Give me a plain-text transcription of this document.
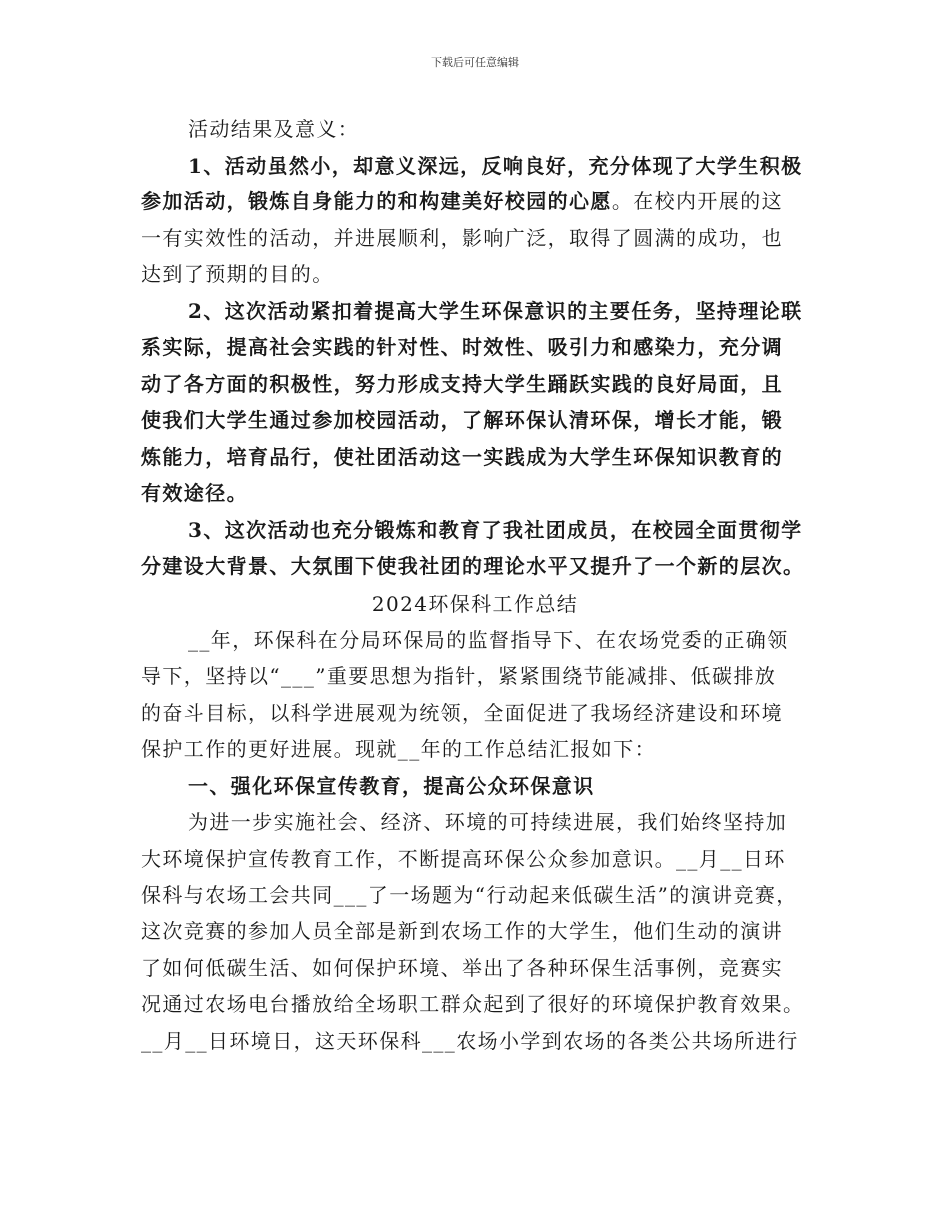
下载后可任意编辑
活动结果及意义：
1、活动虽然小，却意义深远，反响良好，充分体现了大学生积极
参加活动，锻炼自身能力的和构建美好校园的心愿。在校内开展的这
一有实效性的活动，并进展顺利，影响广泛，取得了圆满的成功，也
达到了预期的目的。
2、这次活动紧扣着提高大学生环保意识的主要任务，坚持理论联
系实际，提高社会实践的针对性、时效性、吸引力和感染力，充分调
动了各方面的积极性，努力形成支持大学生踊跃实践的良好局面，且
使我们大学生通过参加校园活动，了解环保认清环保，增长才能，锻
炼能力，培育品行，使社团活动这一实践成为大学生环保知识教育的
有效途径。
3、这次活动也充分锻炼和教育了我社团成员，在校园全面贯彻学
分建设大背景、大氛围下使我社团的理论水平又提升了一个新的层次。
2024环保科工作总结
__年，环保科在分局环保局的监督指导下、在农场党委的正确领
导下，坚持以“___”重要思想为指针，紧紧围绕节能减排、低碳排放
的奋斗目标，以科学进展观为统领，全面促进了我场经济建设和环境
保护工作的更好进展。现就__年的工作总结汇报如下：
一、强化环保宣传教育，提高公众环保意识
为进一步实施社会、经济、环境的可持续进展，我们始终坚持加
大环境保护宣传教育工作，不断提高环保公众参加意识。__月__日环
保科与农场工会共同___了一场题为“行动起来低碳生活”的演讲竞赛，
这次竞赛的参加人员全部是新到农场工作的大学生，他们生动的演讲
了如何低碳生活、如何保护环境、举出了各种环保生活事例，竞赛实
况通过农场电台播放给全场职工群众起到了很好的环境保护教育效果。
__月__日环境日，这天环保科___农场小学到农场的各类公共场所进行
